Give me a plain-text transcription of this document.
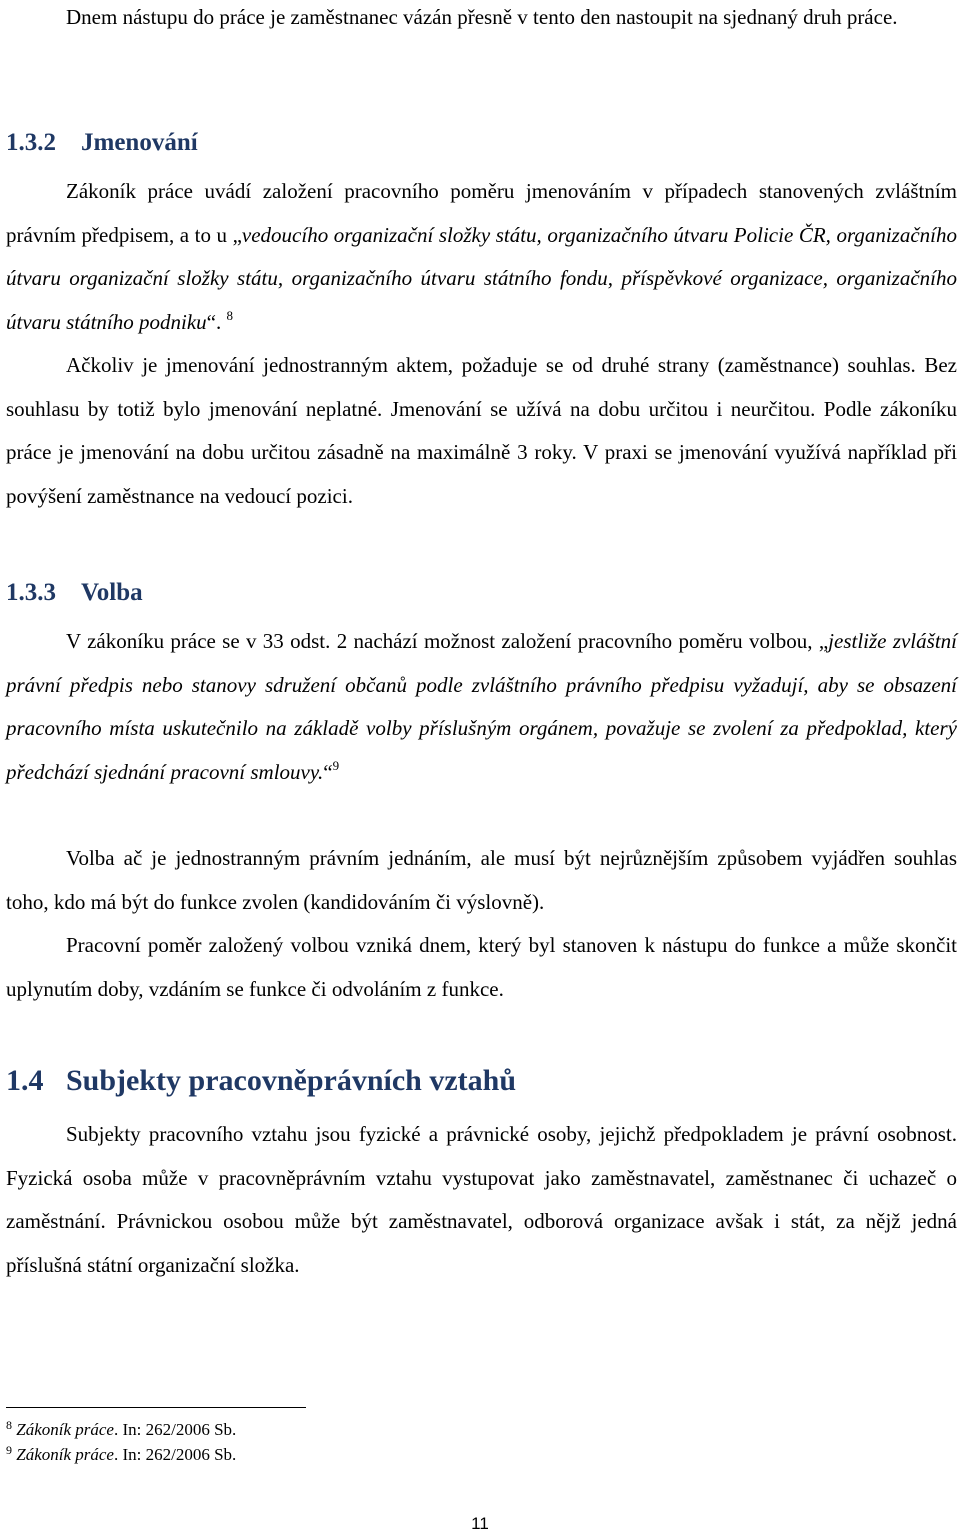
Dnem nástupu do práce je zaměstnanec vázán přesně v tento den nastoupit na sjednaný druh práce.

1.3.2 Jmenování

Zákoník práce uvádí založení pracovního poměru jmenováním v případech stanovených zvláštním právním předpisem, a to u „vedoucího organizační složky státu, organizačního útvaru Policie ČR, organizačního útvaru organizační složky státu, organizačního útvaru státního fondu, příspěvkové organizace, organizačního útvaru státního podniku“. $^8$

Ačkoliv je jmenování jednostranným aktem, požaduje se od druhé strany (zaměstnance) souhlas. Bez souhlasu by totiž bylo jmenování neplatné. Jmenování se užívá na dobu určitou i neurčitou. Podle zákoníku práce je jmenování na dobu určitou zásadně na maximálně 3 roky. V praxi se jmenování využívá například při povýšení zaměstnance na vedoucí pozici.

1.3.3 Volba

V zákoníku práce se v 33 odst. 2 nachází možnost založení pracovního poměru volbou, „jestliže zvláštní právní předpis nebo stanovy sdružení občanů podle zvláštního právního předpisu vyžadují, aby se obsazení pracovního místa uskutečnilo na základě volby příslušným orgánem, považuje se zvolení za předpoklad, který předchází sjednání pracovní smlouvy.“$^9$

Volba ač je jednostranným právním jednáním, ale musí být nejrůznějším způsobem vyjádřen souhlas toho, kdo má být do funkce zvolen (kandidováním či výslovně).

Pracovní poměr založený volbou vzniká dnem, který byl stanoven k nástupu do funkce a může skončit uplynutím doby, vzdáním se funkce či odvoláním z funkce.

1.4 Subjekty pracovněprávních vztahů

Subjekty pracovního vztahu jsou fyzické a právnické osoby, jejichž předpokladem je právní osobnost. Fyzická osoba může v pracovněprávním vztahu vystupovat jako zaměstnavatel, zaměstnanec či uchazeč o zaměstnání. Právnickou osobou může být zaměstnavatel, odborová organizace avšak i stát, za nějž jedná příslušná státní organizační složka.

$^8$ Zákoník práce. In: 262/2006 Sb.

$^9$ Zákoník práce. In: 262/2006 Sb.

11
